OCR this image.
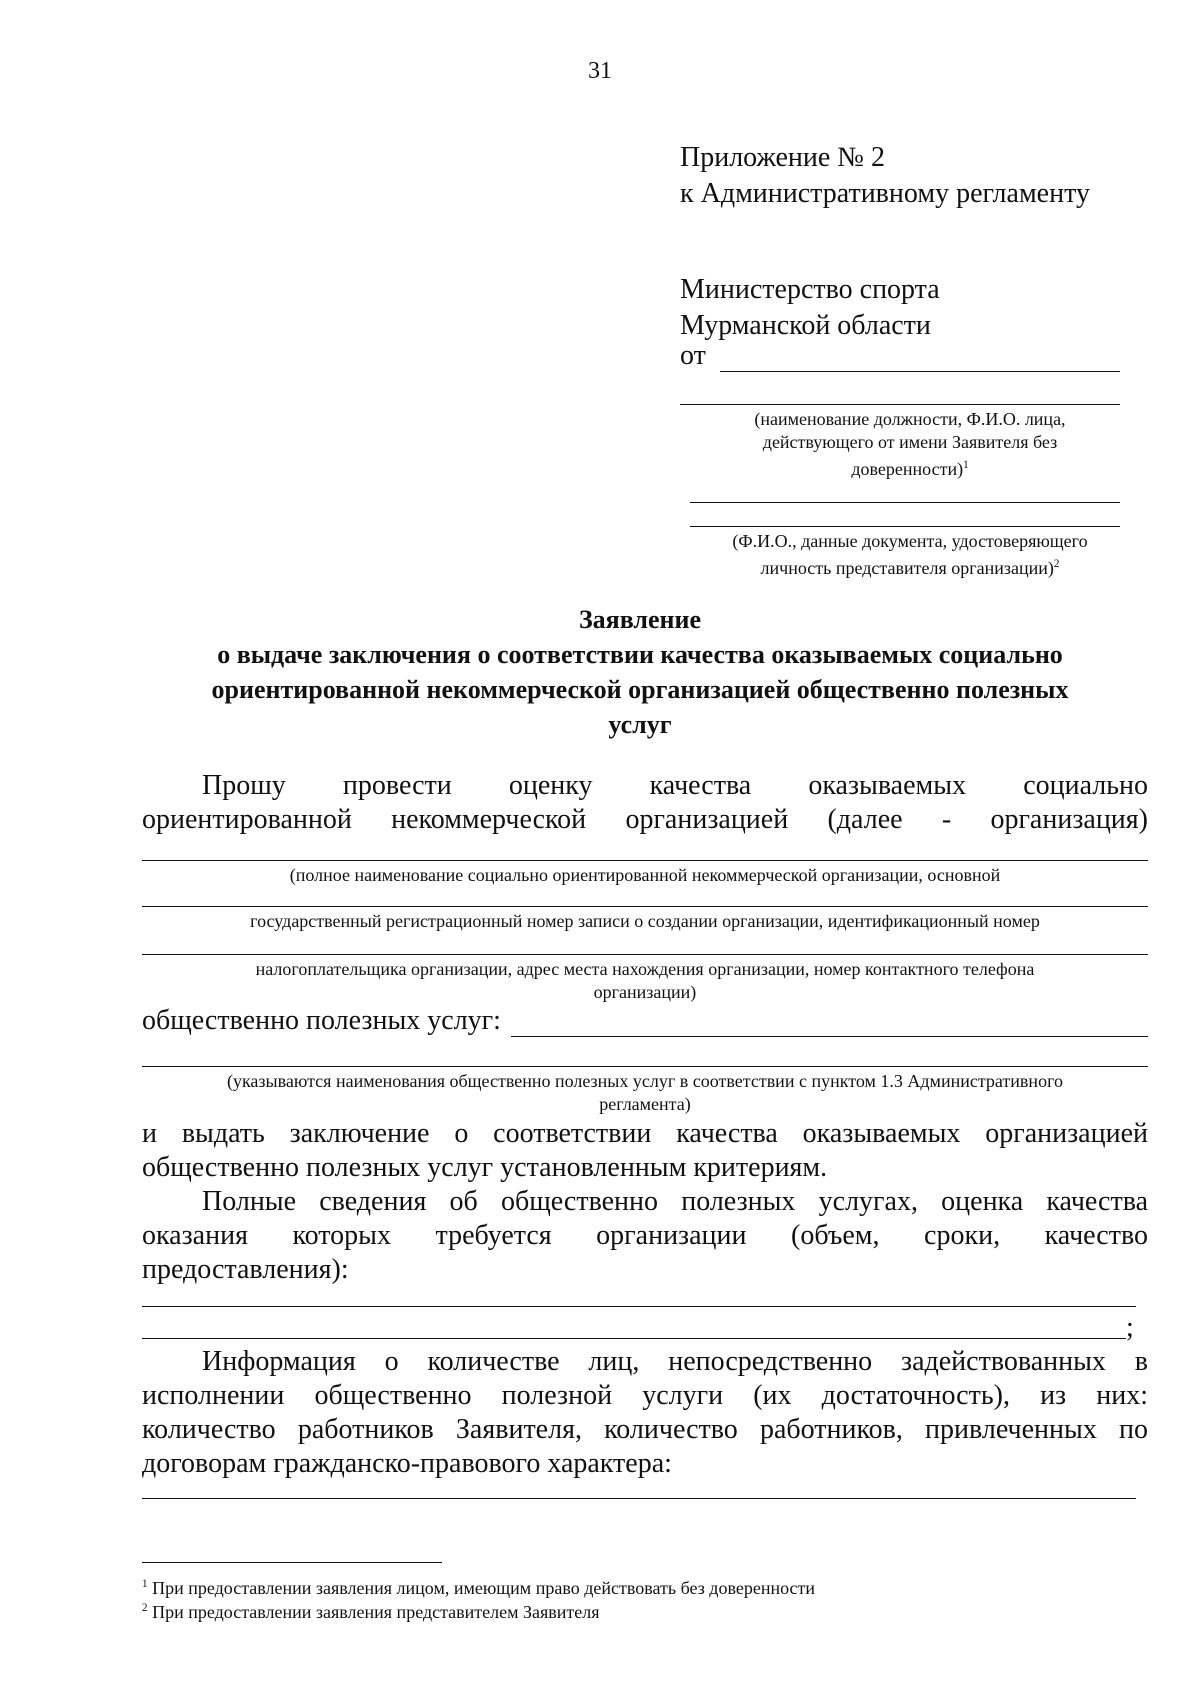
31
Приложение № 2
к Административному регламенту
Министерство спорта
Мурманской области
от
(наименование должности, Ф.И.О. лица,
действующего от имени Заявителя без
доверенности)$^1$
(Ф.И.О., данные документа, удостоверяющего
личность представителя организации)$^2$
Заявление
о выдаче заключения о соответствии качества оказываемых социально
ориентированной некоммерческой организацией общественно полезных
услуг
Прошу провести оценку качества оказываемых социально
ориентированной некоммерческой организацией (далее - организация)
(полное наименование социально ориентированной некоммерческой организации, основной
государственный регистрационный номер записи о создании организации, идентификационный номер
налогоплательщика организации, адрес места нахождения организации, номер контактного телефона
организации)
общественно полезных услуг:
(указываются наименования общественно полезных услуг в соответствии с пунктом 1.3 Административного
регламента)
и выдать заключение о соответствии качества оказываемых организацией
общественно полезных услуг установленным критериям.
Полные сведения об общественно полезных услугах, оценка качества
оказания которых требуется организации (объем, сроки, качество
предоставления):
;
Информация о количестве лиц, непосредственно задействованных в
исполнении общественно полезной услуги (их достаточность), из них:
количество работников Заявителя, количество работников, привлеченных по
договорам гражданско-правового характера:
$^1$ При предоставлении заявления лицом, имеющим право действовать без доверенности
$^2$ При предоставлении заявления представителем Заявителя
